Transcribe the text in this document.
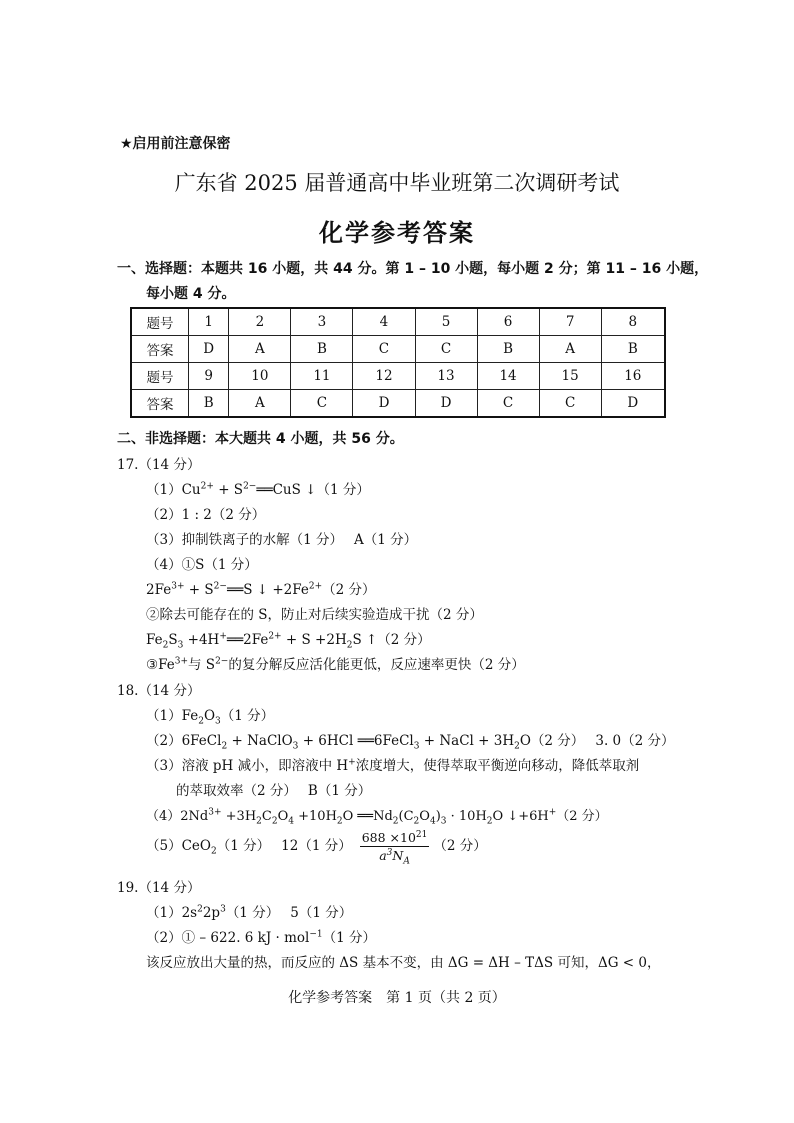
★启用前注意保密
广东省 2025 届普通高中毕业班第二次调研考试
化学参考答案
一、选择题：本题共 16 小题，共 44 分。第 1 – 10 小题，每小题 2 分；第 11 – 16 小题，
每小题 4 分。
题号	1	2	3	4	5	6	7	8
答案	D	A	B	C	C	B	A	B
题号	9	10	11	12	13	14	15	16
答案	B	A	C	D	D	C	C	D
二、非选择题：本大题共 4 小题，共 56 分。
17.（14 分）
$(1)Cu^{2+}$ + $S^{2-}══CuS$ ↓（1 分）
（2）1 : 2（2 分）
（3）抑制铁离子的水解（1 分）　 A（1 分）
（4）①S（1 分）
$2Fe^{3+}$ + $S^{2-}══S$ ↓ $+2Fe^{2+}(2$ 分）
②除去可能存在的 S，防止对后续实验造成干扰（2 分）
$Fe_2S_3$ $+4H^+══2Fe^{2+} + S +2H_2S$ ↑（2 分）
$③Fe^{3+}$与 $S^{2-}$的复分解反应活化能更低，反应速率更快（2 分）
18.（14 分）
$(1)Fe_2O_3(1$ 分）
（2）6FeCl$_2$ + NaClO$_3$ + 6HCl ══6FeCl$_3$ + NaCl + $3H_2O(2$ 分）　 3. 0（2 分）
（3）溶液 pH 减小，即溶液中 H+浓度增大，使得萃取平衡逆向移动，降低萃取剂
的萃取效率（2 分）　 B（1 分）
$(4)2Nd^{3+} +3H_2C_2O_4 +10H_2O$ $══Nd_2(C_2O_4)_3 \cdot 10H_2O$ ↓+6H+（2 分）
（5）CeO$_2$（1 分）　 12（1 分） $\frac{688 \times 10^{21}}{a^3N_A} (2$ 分）
19.（14 分）
$(1)2s^22p^3(1$ 分）　 5（1 分）
（2）① – 622. 6 kJ · mol$^{-1}$（1 分）
该反应放出大量的热，而反应的 ΔS 基本不变，由 ΔG = ΔH – TΔS 可知，ΔG < 0，
化学参考答案　第 1 页（共 2 页）
